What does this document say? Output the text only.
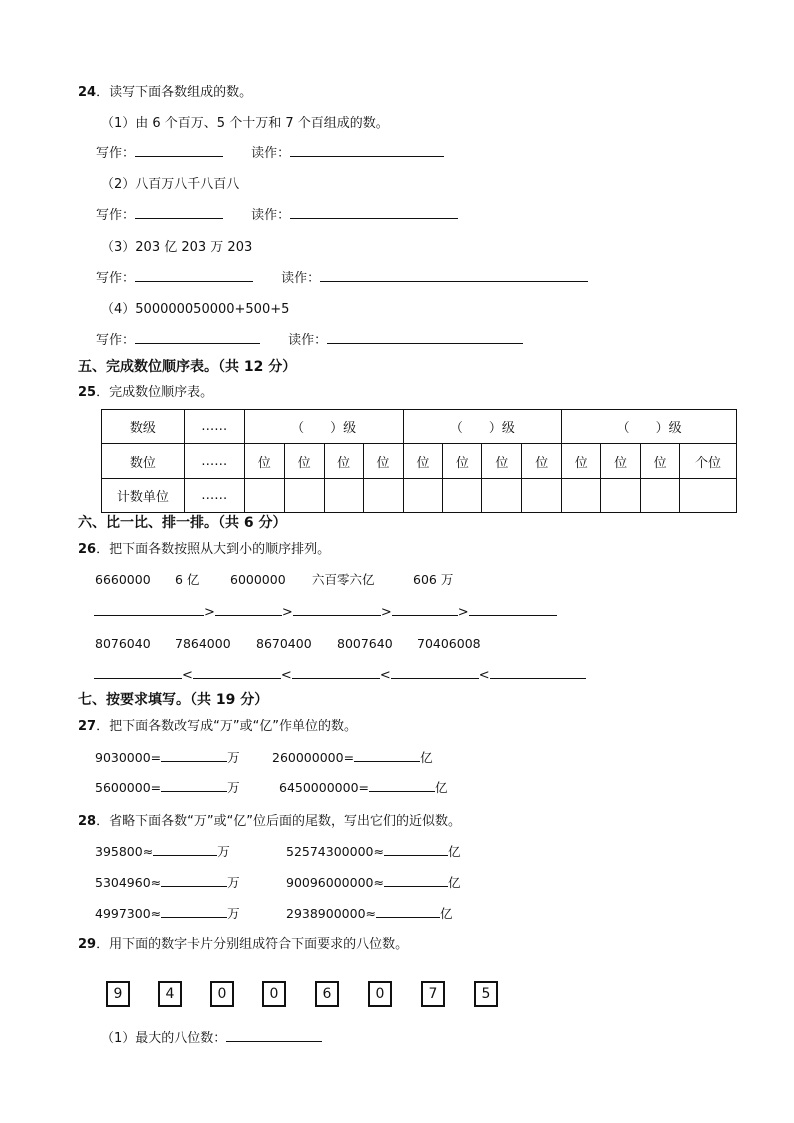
24．读写下面各数组成的数。
（1）由 6 个百万、5 个十万和 7 个百组成的数。
写作：	读作：
（2）八百万八千八百八
写作：	读作：
（3）203 亿 203 万 203
写作：	读作：
（4）500000050000+500+5
写作：	读作：
五、完成数位顺序表。（共 12 分）
25．完成数位顺序表。
数级	……	（　　）级				（　　）级				（　　）级			
数位	……	位	位	位	位	位	位	位	位	位	位	位	个位
计数单位	……												
六、比一比、排一排。（共 6 分）
26．把下面各数按照从大到小的顺序排列。
6660000 6 亿 6000000 六百零六亿	606 万
>	>	>	>
8076040 7864000 8670400 8007640 70406008
<	<	<	<
七、按要求填写。（共 19 分）
27．把下面各数改写成“万”或“亿”作单位的数。
9030000=	万	260000000=	亿
5600000=	万	6450000000=	亿
28．省略下面各数“万”或“亿”位后面的尾数，写出它们的近似数。
395800≈	万	52574300000≈	亿
5304960≈	万	90096000000≈	亿
4997300≈	万	2938900000≈	亿
29．用下面的数字卡片分别组成符合下面要求的八位数。
9	4	0	0	6	0	7	5
（1）最大的八位数：
